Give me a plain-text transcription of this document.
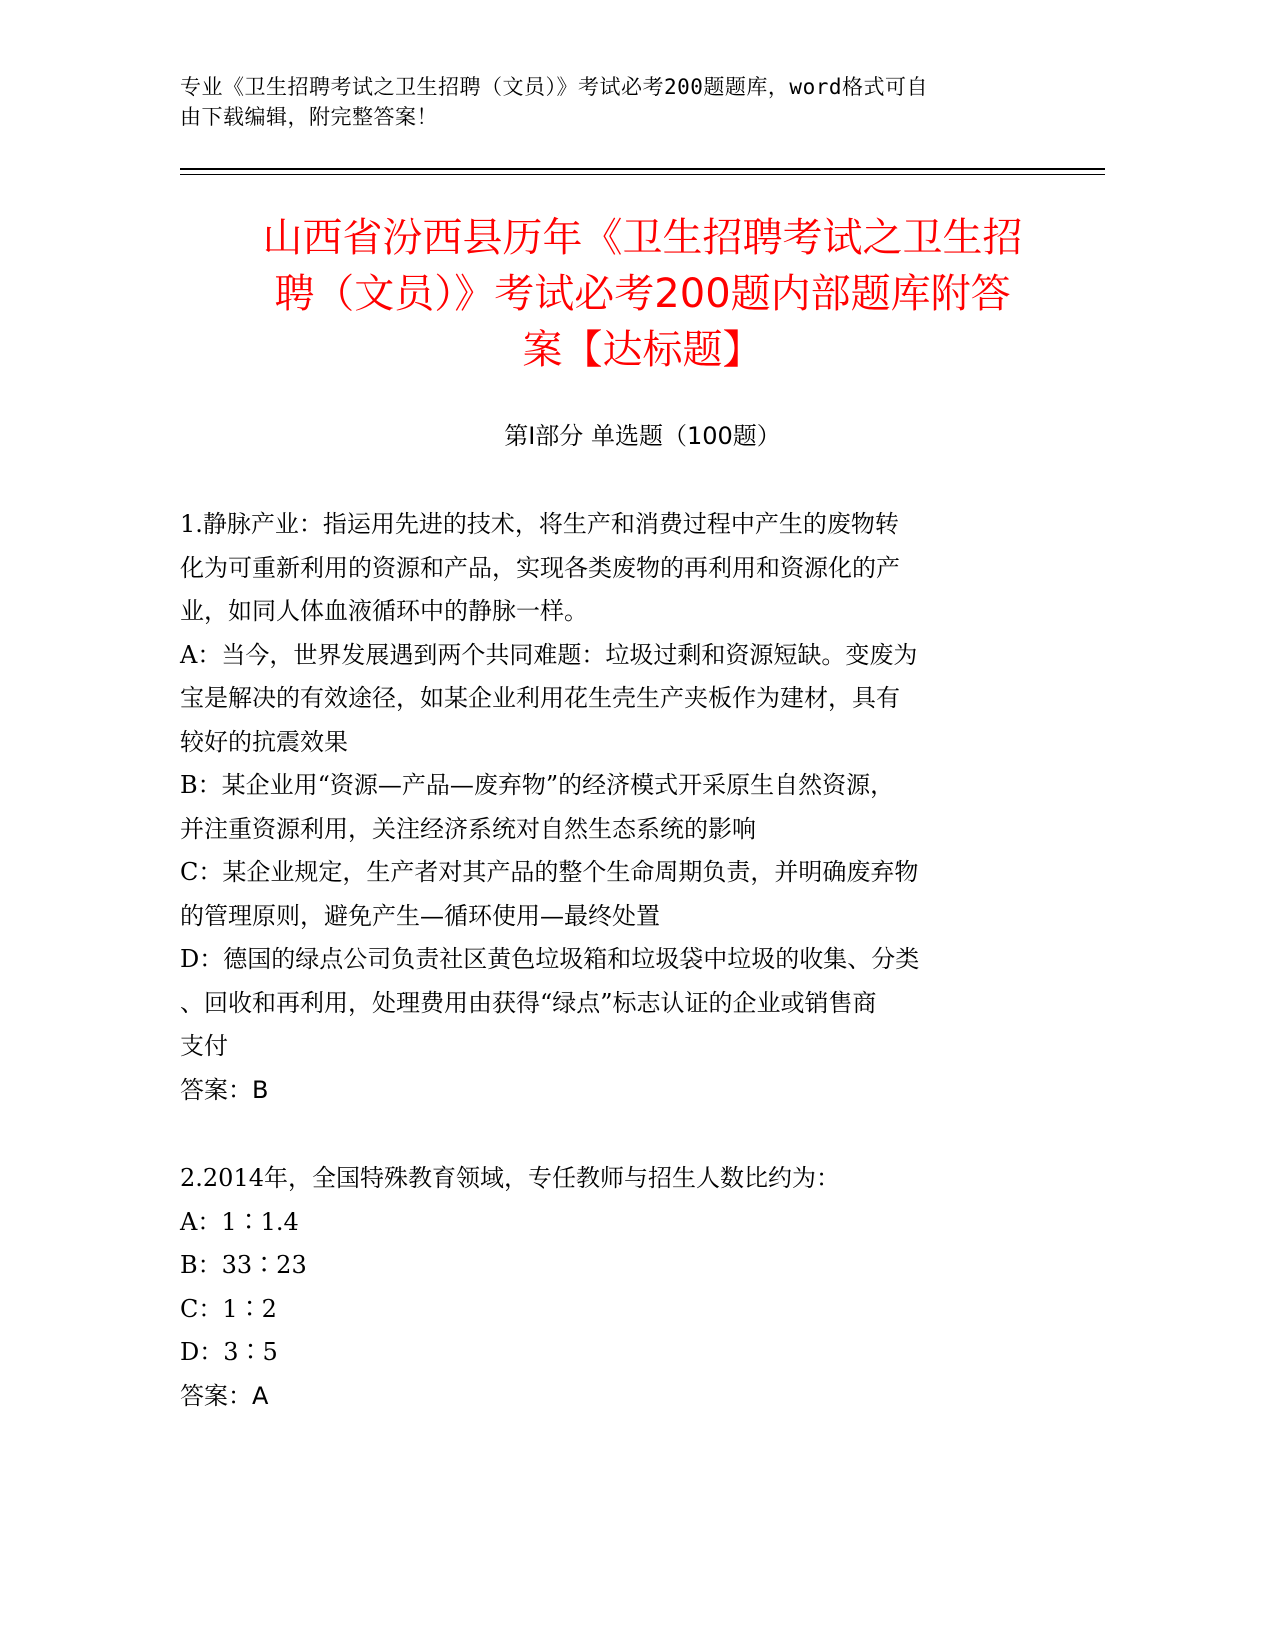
专业《卫生招聘考试之卫生招聘（文员）》考试必考200题题库，word格式可自
由下载编辑，附完整答案！
山西省汾西县历年《卫生招聘考试之卫生招
聘（文员）》考试必考200题内部题库附答
案【达标题】
第I部分 单选题（100题）
1.静脉产业：指运用先进的技术，将生产和消费过程中产生的废物转
化为可重新利用的资源和产品，实现各类废物的再利用和资源化的产
业，如同人体血液循环中的静脉一样。
A：当今，世界发展遇到两个共同难题：垃圾过剩和资源短缺。变废为
宝是解决的有效途径，如某企业利用花生壳生产夹板作为建材，具有
较好的抗震效果
B：某企业用“资源—产品—废弃物”的经济模式开采原生自然资源，
并注重资源利用，关注经济系统对自然生态系统的影响
C：某企业规定，生产者对其产品的整个生命周期负责，并明确废弃物
的管理原则，避免产生—循环使用—最终处置
D：德国的绿点公司负责社区黄色垃圾箱和垃圾袋中垃圾的收集、分类
、回收和再利用，处理费用由获得“绿点”标志认证的企业或销售商
支付
答案：B
2.2014年，全国特殊教育领域，专任教师与招生人数比约为：
A：1∶1.4
B：33∶23
C：1∶2
D：3∶5
答案：A
